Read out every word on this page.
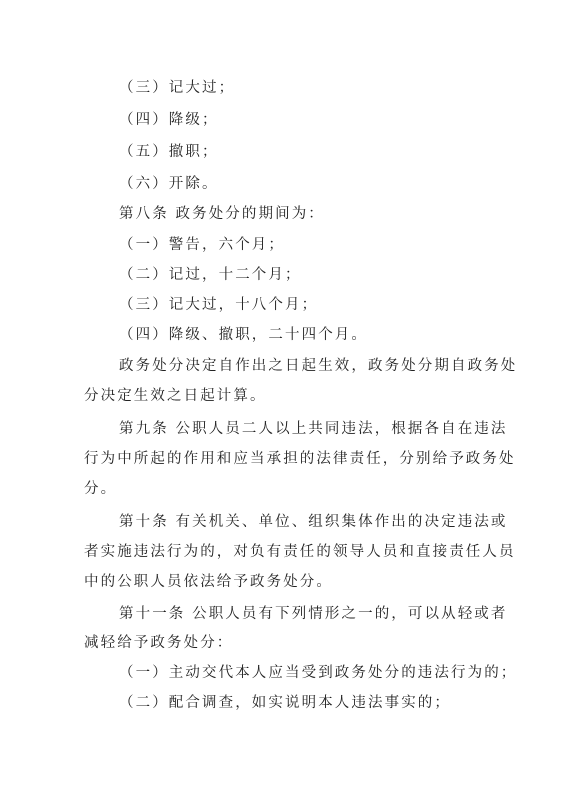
（三）记大过；
（四）降级；
（五）撤职；
（六）开除。
第八条 政务处分的期间为：
（一）警告，六个月；
（二）记过，十二个月；
（三）记大过，十八个月；
（四）降级、撤职，二十四个月。
政务处分决定自作出之日起生效，政务处分期自政务处
分决定生效之日起计算。
第九条 公职人员二人以上共同违法，根据各自在违法
行为中所起的作用和应当承担的法律责任，分别给予政务处
分。
第十条 有关机关、单位、组织集体作出的决定违法或
者实施违法行为的，对负有责任的领导人员和直接责任人员
中的公职人员依法给予政务处分。
第十一条 公职人员有下列情形之一的，可以从轻或者
减轻给予政务处分：
（一）主动交代本人应当受到政务处分的违法行为的；
（二）配合调查，如实说明本人违法事实的；
